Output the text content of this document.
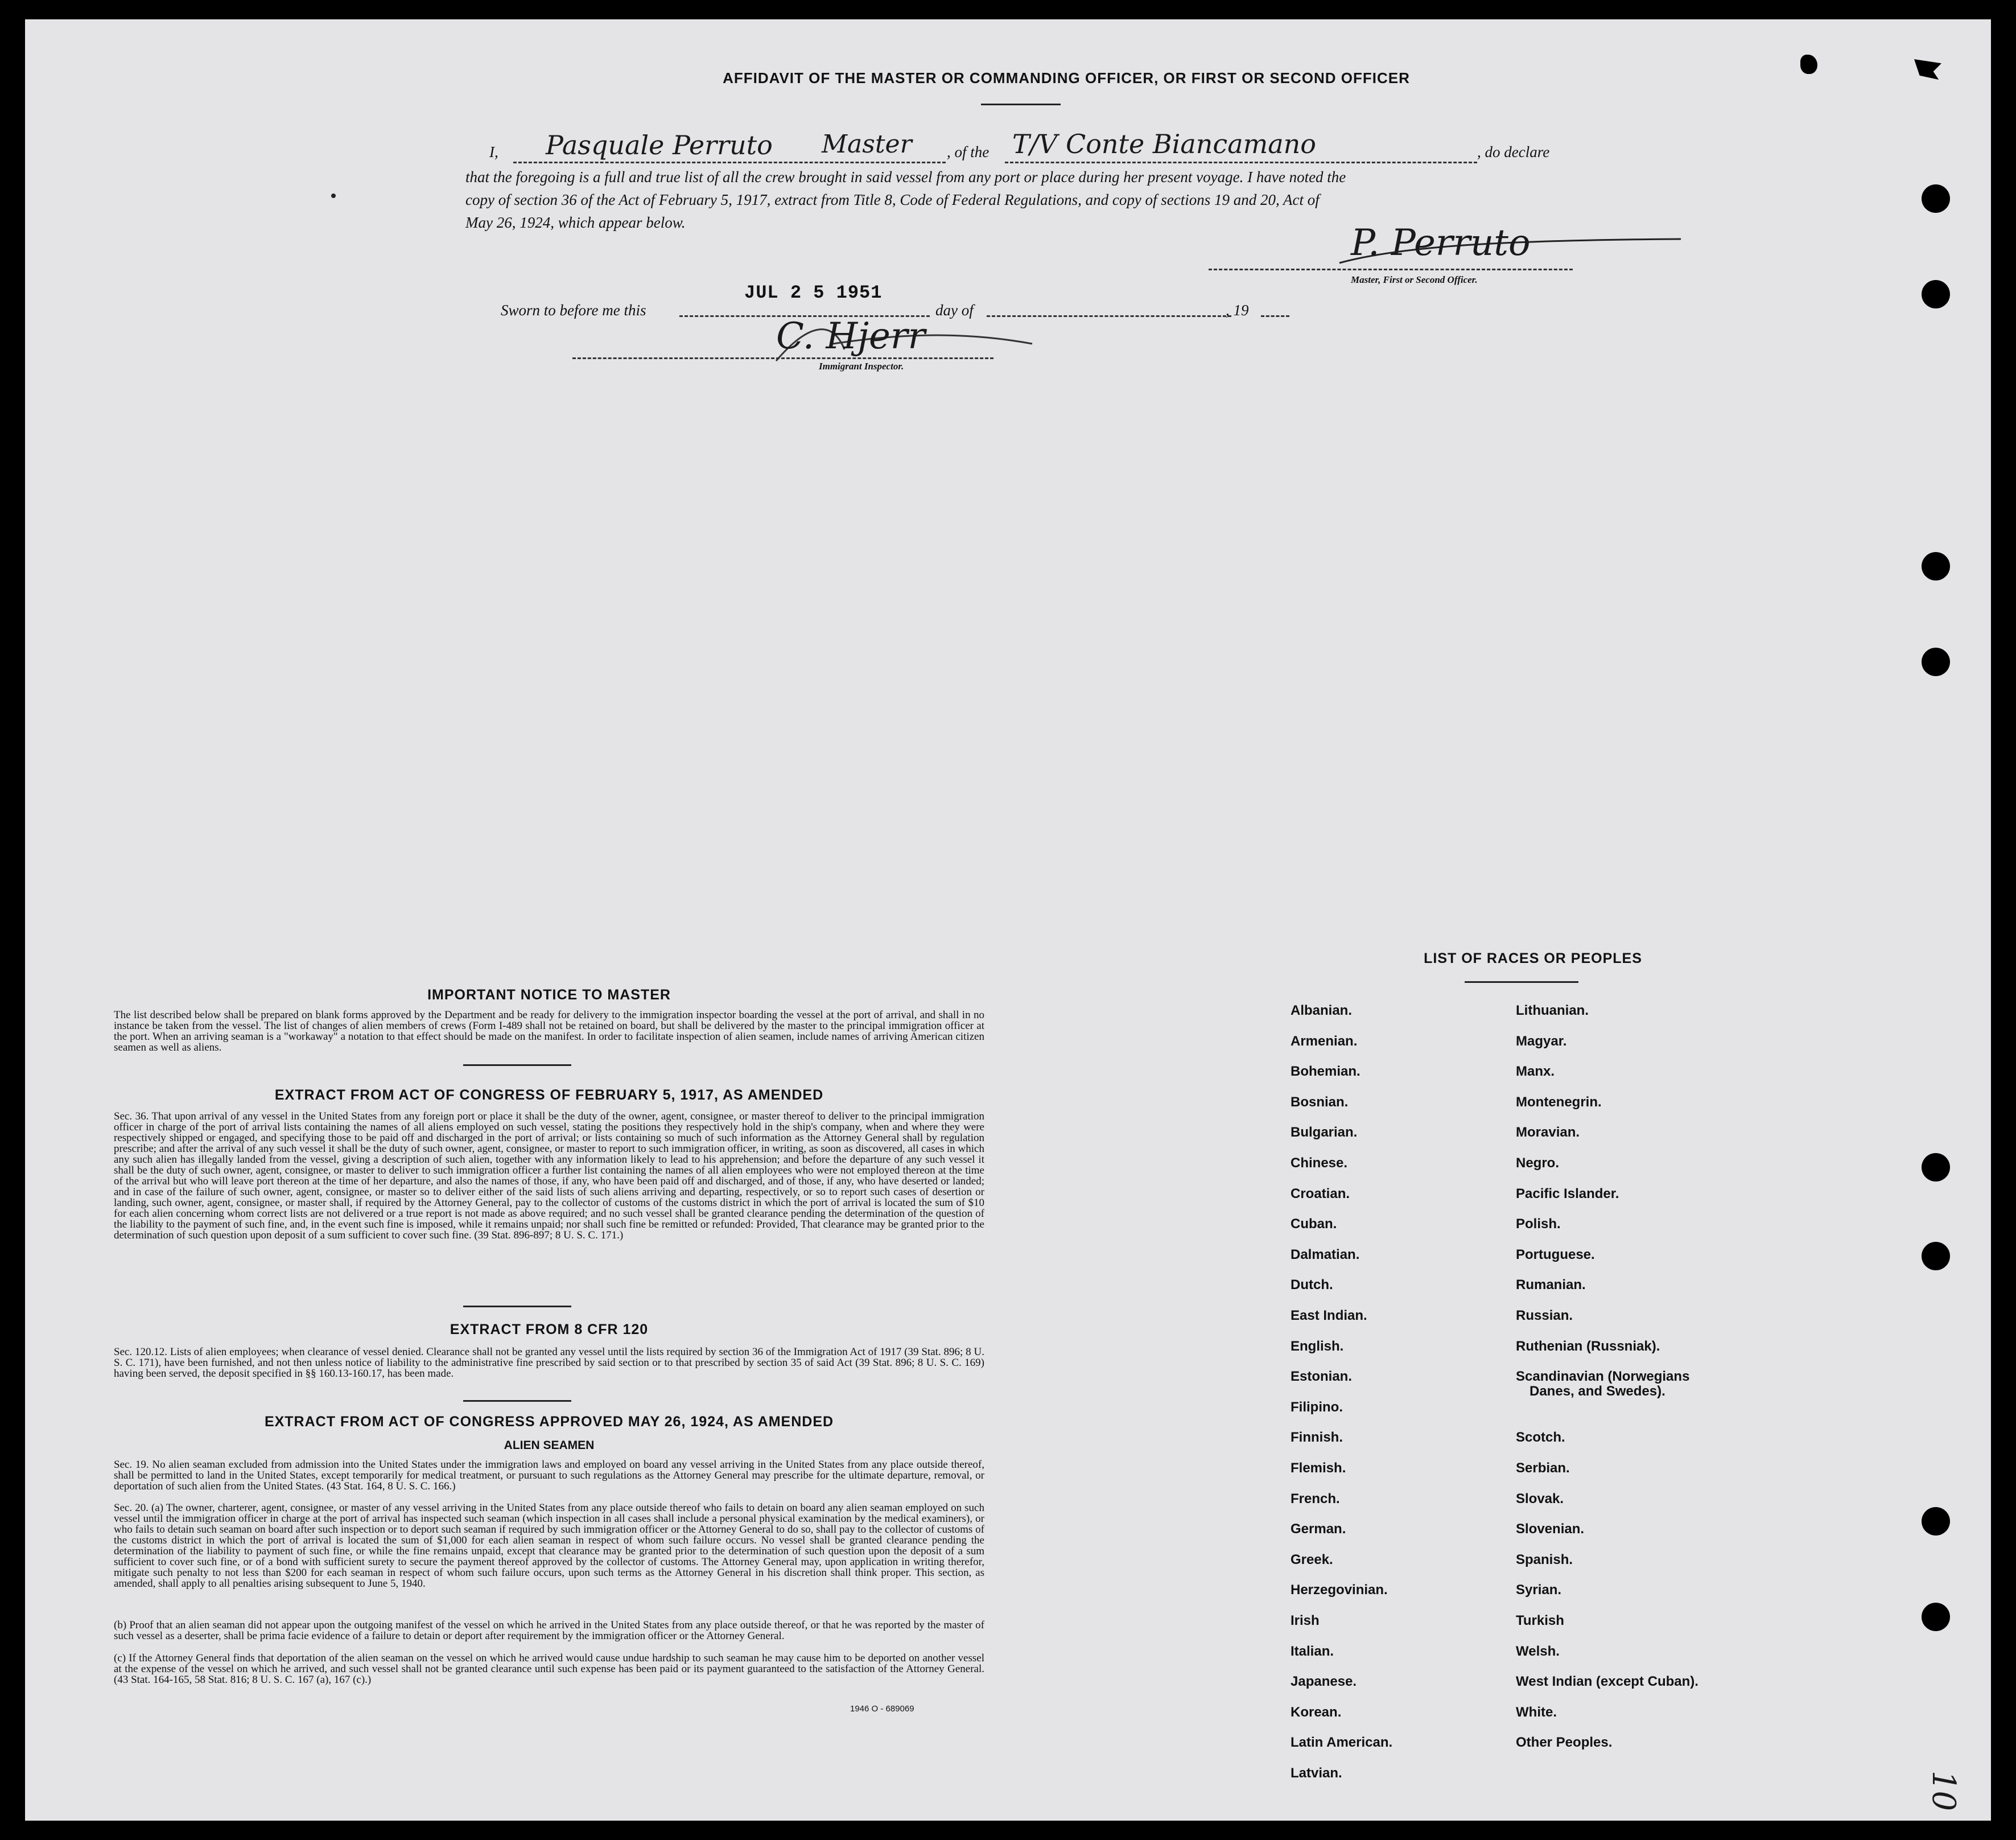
AFFIDAVIT OF THE MASTER OR COMMANDING OFFICER, OR FIRST OR SECOND OFFICER
I, Pasquale Perruto Master , of the T/V Conte Biancamano	, do declare
that the foregoing is a full and true list of all the crew brought in said vessel from any port or place during her present voyage. I have noted the
copy of section 36 of the Act of February 5, 1917, extract from Title 8, Code of Federal Regulations, and copy of sections 19 and 20, Act of
May 26, 1924, which appear below.	P. Perruto
Master, First or Second Officer.
Sworn to before me this
JUL 2 5 1951
day of	, 19
C. Hjerr
Immigrant Inspector.
IMPORTANT NOTICE TO MASTER
The list described below shall be prepared on blank forms approved by the Department and be ready for delivery to the immigration inspector boarding the vessel at the port of arrival, and shall in no instance be taken from the vessel. The list of changes of alien members of crews (Form I-489 shall not be retained on board, but shall be delivered by the master to the principal immigration officer at the port. When an arriving seaman is a "workaway" a notation to that effect should be made on the manifest. In order to facilitate inspection of alien seamen, include names of arriving American citizen seamen as well as aliens.
EXTRACT FROM ACT OF CONGRESS OF FEBRUARY 5, 1917, AS AMENDED
Sec. 36. That upon arrival of any vessel in the United States from any foreign port or place it shall be the duty of the owner, agent, consignee, or master thereof to deliver to the principal immigration officer in charge of the port of arrival lists containing the names of all aliens employed on such vessel, stating the positions they respectively hold in the ship's company, when and where they were respectively shipped or engaged, and specifying those to be paid off and discharged in the port of arrival; or lists containing so much of such information as the Attorney General shall by regulation prescribe; and after the arrival of any such vessel it shall be the duty of such owner, agent, consignee, or master to report to such immigration officer, in writing, as soon as discovered, all cases in which any such alien has illegally landed from the vessel, giving a description of such alien, together with any information likely to lead to his apprehension; and before the departure of any such vessel it shall be the duty of such owner, agent, consignee, or master to deliver to such immigration officer a further list containing the names of all alien employees who were not employed thereon at the time of the arrival but who will leave port thereon at the time of her departure, and also the names of those, if any, who have been paid off and discharged, and of those, if any, who have deserted or landed; and in case of the failure of such owner, agent, consignee, or master so to deliver either of the said lists of such aliens arriving and departing, respectively, or so to report such cases of desertion or landing, such owner, agent, consignee, or master shall, if required by the Attorney General, pay to the collector of customs of the customs district in which the port of arrival is located the sum of $10 for each alien concerning whom correct lists are not delivered or a true report is not made as above required; and no such vessel shall be granted clearance pending the determination of the question of the liability to the payment of such fine, and, in the event such fine is imposed, while it remains unpaid; nor shall such fine be remitted or refunded: Provided, That clearance may be granted prior to the determination of such question upon deposit of a sum sufficient to cover such fine. (39 Stat. 896-897; 8 U. S. C. 171.)
EXTRACT FROM 8 CFR 120
Sec. 120.12. Lists of alien employees; when clearance of vessel denied. Clearance shall not be granted any vessel until the lists required by section 36 of the Immigration Act of 1917 (39 Stat. 896; 8 U. S. C. 171), have been furnished, and not then unless notice of liability to the administrative fine prescribed by said section or to that prescribed by section 35 of said Act (39 Stat. 896; 8 U. S. C. 169) having been served, the deposit specified in §§ 160.13-160.17, has been made.
EXTRACT FROM ACT OF CONGRESS APPROVED MAY 26, 1924, AS AMENDED
ALIEN SEAMEN
Sec. 19. No alien seaman excluded from admission into the United States under the immigration laws and employed on board any vessel arriving in the United States from any place outside thereof, shall be permitted to land in the United States, except temporarily for medical treatment, or pursuant to such regulations as the Attorney General may prescribe for the ultimate departure, removal, or deportation of such alien from the United States. (43 Stat. 164, 8 U. S. C. 166.)
Sec. 20. (a) The owner, charterer, agent, consignee, or master of any vessel arriving in the United States from any place outside thereof who fails to detain on board any alien seaman employed on such vessel until the immigration officer in charge at the port of arrival has inspected such seaman (which inspection in all cases shall include a personal physical examination by the medical examiners), or who fails to detain such seaman on board after such inspection or to deport such seaman if required by such immigration officer or the Attorney General to do so, shall pay to the collector of customs of the customs district in which the port of arrival is located the sum of $1,000 for each alien seaman in respect of whom such failure occurs. No vessel shall be granted clearance pending the determination of the liability to payment of such fine, or while the fine remains unpaid, except that clearance may be granted prior to the determination of such question upon the deposit of a sum sufficient to cover such fine, or of a bond with sufficient surety to secure the payment thereof approved by the collector of customs. The Attorney General may, upon application in writing therefor, mitigate such penalty to not less than $200 for each seaman in respect of whom such failure occurs, upon such terms as the Attorney General in his discretion shall think proper. This section, as amended, shall apply to all penalties arising subsequent to June 5, 1940.
(b) Proof that an alien seaman did not appear upon the outgoing manifest of the vessel on which he arrived in the United States from any place outside thereof, or that he was reported by the master of such vessel as a deserter, shall be prima facie evidence of a failure to detain or deport after requirement by the immigration officer or the Attorney General.
(c) If the Attorney General finds that deportation of the alien seaman on the vessel on which he arrived would cause undue hardship to such seaman he may cause him to be deported on another vessel at the expense of the vessel on which he arrived, and such vessel shall not be granted clearance until such expense has been paid or its payment guaranteed to the satisfaction of the Attorney General. (43 Stat. 164-165, 58 Stat. 816; 8 U. S. C. 167 (a), 167 (c).)
1946 O - 689069
LIST OF RACES OR PEOPLES
Albanian.
Armenian.
Bohemian.
Bosnian.
Bulgarian.
Chinese.
Croatian.
Cuban.
Dalmatian.
Dutch.
East Indian.
English.
Estonian.
Filipino.
Finnish.
Flemish.
French.
German.
Greek.
Herzegovinian.
Irish
Italian.
Japanese.
Korean.
Latin American.
Latvian.
Lithuanian.
Magyar.
Manx.
Montenegrin.
Moravian.
Negro.
Pacific Islander.
Polish.
Portuguese.
Rumanian.
Russian.
Ruthenian (Russniak).
Scandinavian (Norwegians
Danes, and Swedes).
Scotch.
Serbian.
Slovak.
Slovenian.
Spanish.
Syrian.
Turkish
Welsh.
West Indian (except Cuban).
White.
Other Peoples.
10
